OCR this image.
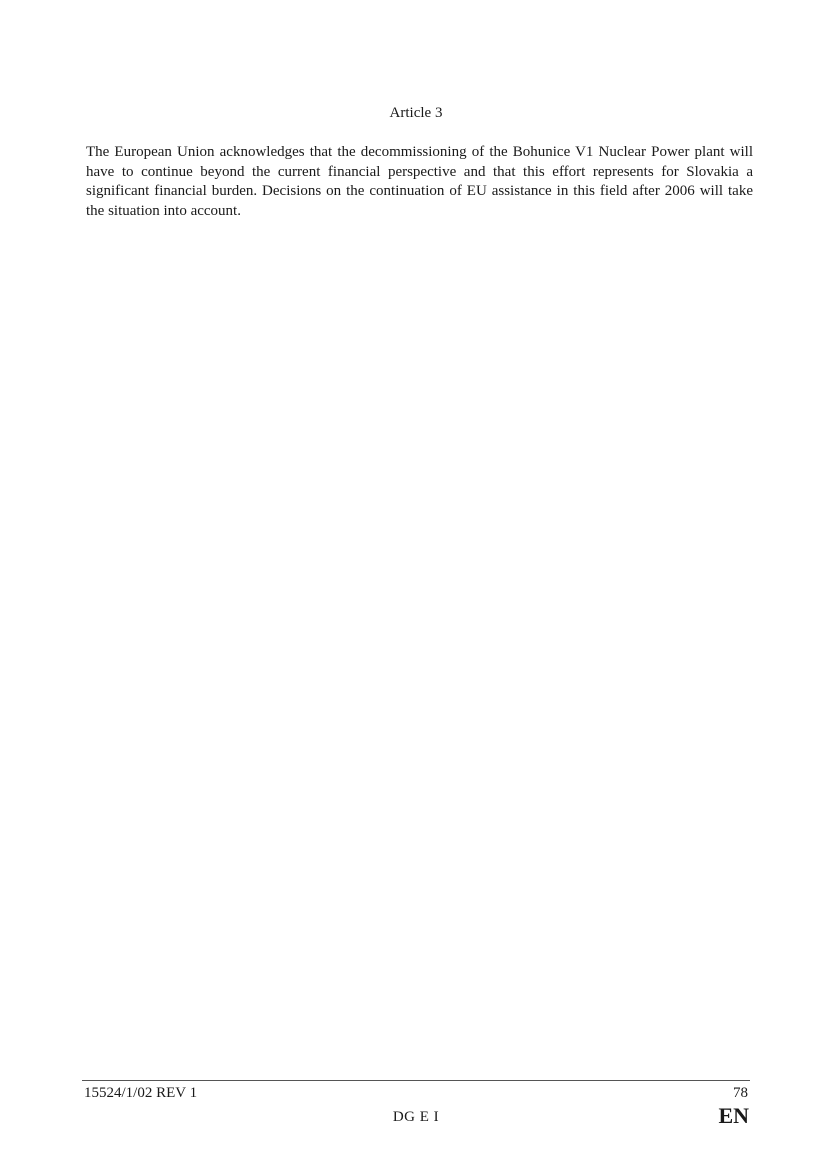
Article 3

The European Union acknowledges that the decommissioning of the Bohunice V1 Nuclear Power plant will have to continue beyond the current financial perspective and that this effort represents for Slovakia a significant financial burden. Decisions on the continuation of EU assistance in this field after 2006 will take the situation into account.

15524/1/02 REV 1	78
DG E I	EN
